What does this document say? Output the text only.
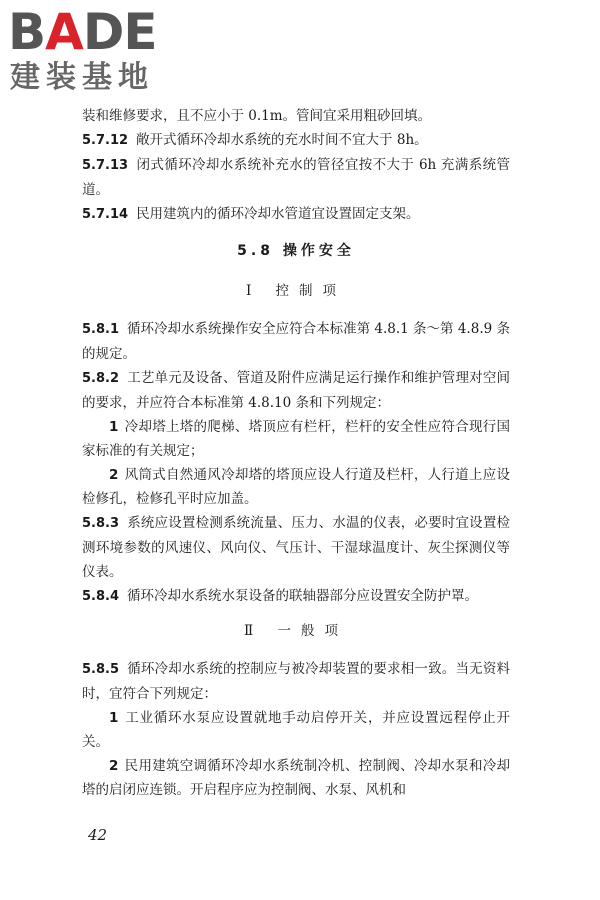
BADE
建装基地

装和维修要求，且不应小于 0.1m。管间宜采用粗砂回填。

5.7.12 敞开式循环冷却水系统的充水时间不宜大于 8h。

5.7.13 闭式循环冷却水系统补充水的管径宜按不大于 6h 充满系统管道。

5.7.14 民用建筑内的循环冷却水管道宜设置固定支架。

5.8 操作安全
Ⅰ 控制项

5.8.1 循环冷却水系统操作安全应符合本标准第 4.8.1 条～第 4.8.9 条的规定。

5.8.2 工艺单元及设备、管道及附件应满足运行操作和维护管理对空间的要求，并应符合本标准第 4.8.10 条和下列规定：

1 冷却塔上塔的爬梯、塔顶应有栏杆，栏杆的安全性应符合现行国家标准的有关规定；

2 风筒式自然通风冷却塔的塔顶应设人行道及栏杆，人行道上应设检修孔，检修孔平时应加盖。

5.8.3 系统应设置检测系统流量、压力、水温的仪表，必要时宜设置检测环境参数的风速仪、风向仪、气压计、干湿球温度计、灰尘探测仪等仪表。

5.8.4 循环冷却水系统水泵设备的联轴器部分应设置安全防护罩。

Ⅱ 一般项

5.8.5 循环冷却水系统的控制应与被冷却装置的要求相一致。当无资料时，宜符合下列规定：

1 工业循环水泵应设置就地手动启停开关，并应设置远程停止开关。

2 民用建筑空调循环冷却水系统制冷机、控制阀、冷却水泵和冷却塔的启闭应连锁。开启程序应为控制阀、水泵、风机和

42
